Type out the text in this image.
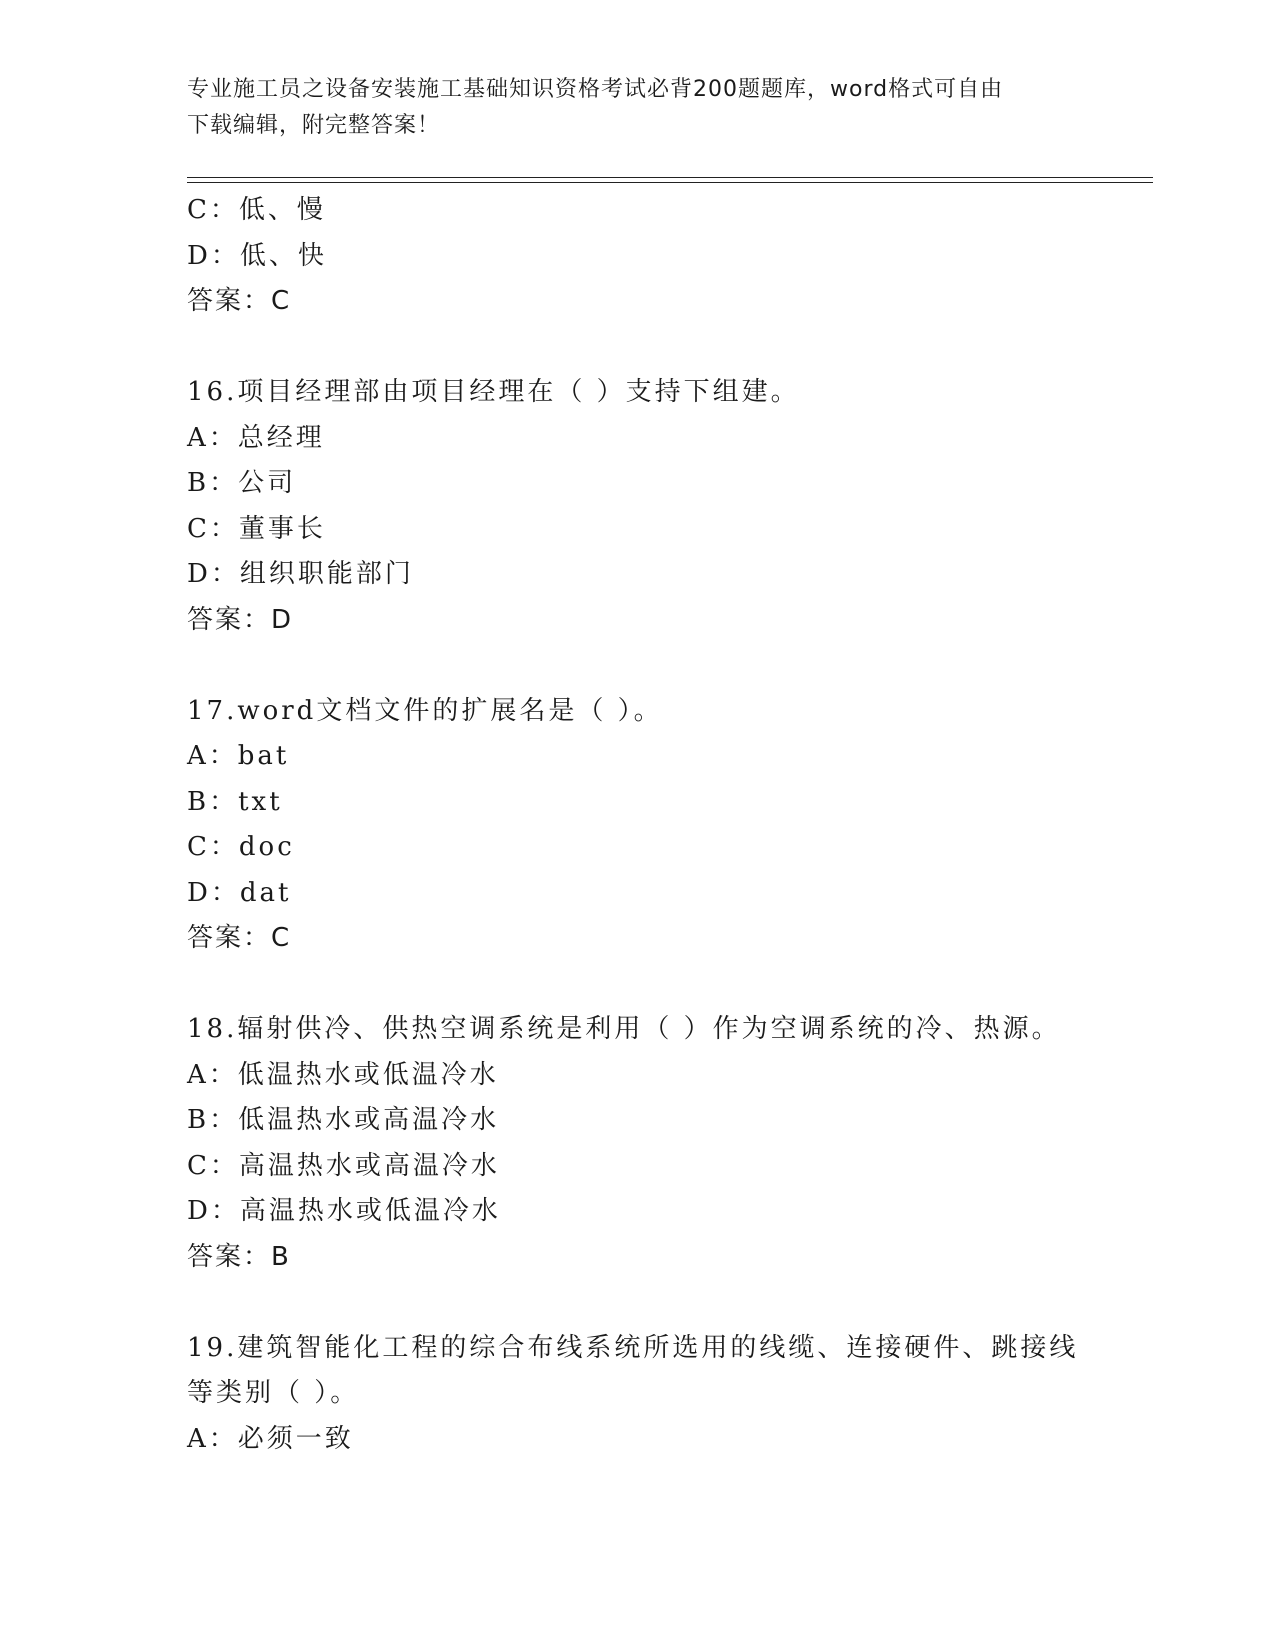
专业施工员之设备安装施工基础知识资格考试必背200题题库，word格式可自由
下载编辑，附完整答案！
C：低、慢
D：低、快
答案：C
16.项目经理部由项目经理在（ ）支持下组建。
A：总经理
B：公司
C：董事长
D：组织职能部门
答案：D
17.word文档文件的扩展名是（ ）。
A：bat
B：txt
C：doc
D：dat
答案：C
18.辐射供冷、供热空调系统是利用（ ）作为空调系统的冷、热源。
A：低温热水或低温冷水
B：低温热水或高温冷水
C：高温热水或高温冷水
D：高温热水或低温冷水
答案：B
19.建筑智能化工程的综合布线系统所选用的线缆、连接硬件、跳接线
等类别（ ）。
A：必须一致
